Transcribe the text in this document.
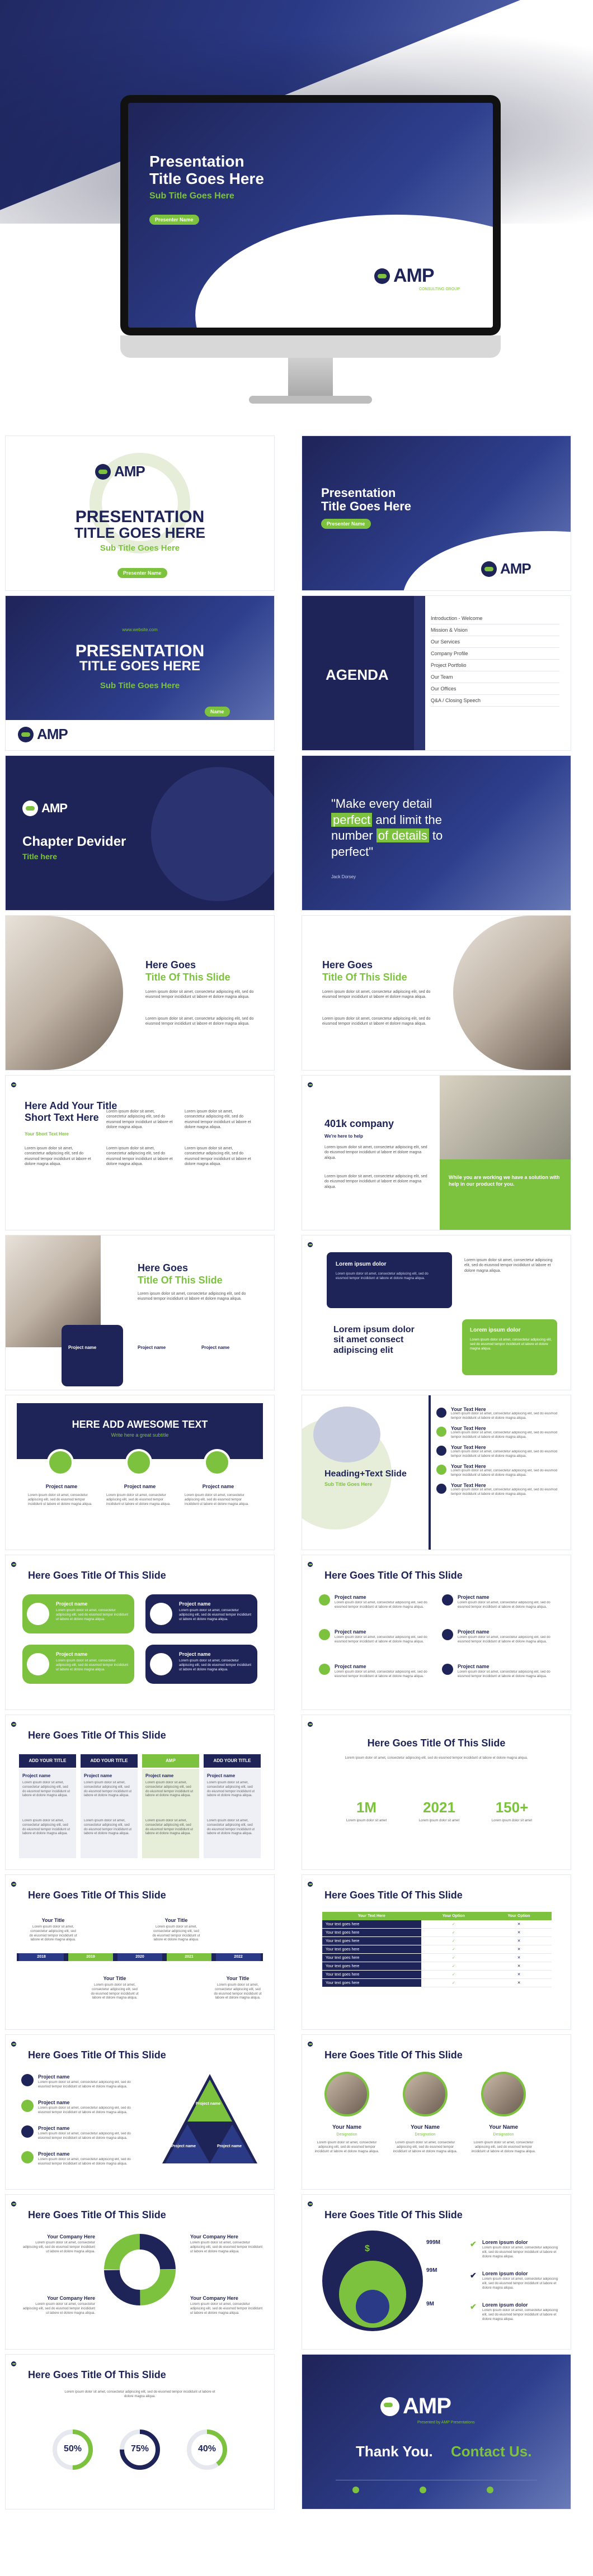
Presentation
Title Goes Here
Sub Title Goes Here
Presenter Name
AMP
CONSULTING GROUP
AMP
PRESENTATION
TITLE GOES HERE
Sub Title Goes Here
Presenter Name
Presentation
Title Goes Here
Presenter Name
AMP
www.website.com
PRESENTATION
TITLE GOES HERE
Sub Title Goes Here
Name
AMP
AGENDA
Introduction - Welcome
Mission & Vision
Our Services
Company Profile
Project Portfolio
Our Team
Our Offices
Q&A / Closing Speech
AMP
Chapter Devider
Title here
"Make every detail
perfect and limit the
number of details to
perfect"
Jack Dorsey
Here Goes
Title Of This Slide
Lorem ipsum dolor sit amet, consectetur adipiscing elit, sed do eiusmod tempor incididunt ut labore et dolore magna aliqua.
Lorem ipsum dolor sit amet, consectetur adipiscing elit, sed do eiusmod tempor incididunt ut labore et dolore magna aliqua.
Here Goes
Title Of This Slide
Lorem ipsum dolor sit amet, consectetur adipiscing elit, sed do eiusmod tempor incididunt ut labore et dolore magna aliqua.
Lorem ipsum dolor sit amet, consectetur adipiscing elit, sed do eiusmod tempor incididunt ut labore et dolore magna aliqua.
Here Add Your Title
Short Text Here
Your Short Text Here
Lorem ipsum dolor sit amet, consectetur adipiscing elit, sed do eiusmod tempor incididunt ut labore et dolore magna aliqua.
Lorem ipsum dolor sit amet, consectetur adipiscing elit, sed do eiusmod tempor incididunt ut labore et dolore magna aliqua.
Lorem ipsum dolor sit amet, consectetur adipiscing elit, sed do eiusmod tempor incididunt ut labore et dolore magna aliqua.
Lorem ipsum dolor sit amet, consectetur adipiscing elit, sed do eiusmod tempor incididunt ut labore et dolore magna aliqua.
Lorem ipsum dolor sit amet, consectetur adipiscing elit, sed do eiusmod tempor incididunt ut labore et dolore magna aliqua.
While you are working we have a solution with help in our product for you.
401k company
We're here to help
Lorem ipsum dolor sit amet, consectetur adipiscing elit, sed do eiusmod tempor incididunt ut labore et dolore magna aliqua.
Lorem ipsum dolor sit amet, consectetur adipiscing elit, sed do eiusmod tempor incididunt ut labore et dolore magna aliqua.
Here Goes
Title Of This Slide
Lorem ipsum dolor sit amet, consectetur adipiscing elit, sed do eiusmod tempor incididunt ut labore et dolore magna aliqua.
Project name	Project name	Project name
Lorem ipsum dolor
Lorem ipsum dolor sit amet, consectetur adipiscing elit, sed do eiusmod tempor incididunt ut labore et dolore magna aliqua.
Lorem ipsum dolor sit amet, consectetur adipiscing elit, sed do eiusmod tempor incididunt ut labore et dolore magna aliqua.
Lorem ipsum dolor
sit amet consect
adipiscing elit
Lorem ipsum dolor
Lorem ipsum dolor sit amet, consectetur adipiscing elit, sed do eiusmod tempor incididunt ut labore et dolore magna aliqua.
HERE ADD AWESOME TEXT
Write here a great subtitle
Project name	Project name	Project name
Lorem ipsum dolor sit amet, consectetur adipiscing elit, sed do eiusmod tempor incididunt ut labore et dolore magna aliqua.
Lorem ipsum dolor sit amet, consectetur adipiscing elit, sed do eiusmod tempor incididunt ut labore et dolore magna aliqua.
Lorem ipsum dolor sit amet, consectetur adipiscing elit, sed do eiusmod tempor incididunt ut labore et dolore magna aliqua.
Heading+Text Slide
Sub Title Goes Here
Your Text Here
Lorem ipsum dolor sit amet, consectetur adipiscing elit, sed do eiusmod tempor incididunt ut labore et dolore magna aliqua.
Your Text Here
Lorem ipsum dolor sit amet, consectetur adipiscing elit, sed do eiusmod tempor incididunt ut labore et dolore magna aliqua.
Your Text Here
Lorem ipsum dolor sit amet, consectetur adipiscing elit, sed do eiusmod tempor incididunt ut labore et dolore magna aliqua.
Your Text Here
Lorem ipsum dolor sit amet, consectetur adipiscing elit, sed do eiusmod tempor incididunt ut labore et dolore magna aliqua.
Your Text Here
Lorem ipsum dolor sit amet, consectetur adipiscing elit, sed do eiusmod tempor incididunt ut labore et dolore magna aliqua.
Here Goes Title Of This Slide
Project name
Lorem ipsum dolor sit amet, consectetur adipiscing elit, sed do eiusmod tempor incididunt ut labore et dolore magna aliqua.
Project name
Lorem ipsum dolor sit amet, consectetur adipiscing elit, sed do eiusmod tempor incididunt ut labore et dolore magna aliqua.
Project name
Lorem ipsum dolor sit amet, consectetur adipiscing elit, sed do eiusmod tempor incididunt ut labore et dolore magna aliqua.
Project name
Lorem ipsum dolor sit amet, consectetur adipiscing elit, sed do eiusmod tempor incididunt ut labore et dolore magna aliqua.
Here Goes Title Of This Slide
Project name
Lorem ipsum dolor sit amet, consectetur adipiscing elit, sed do eiusmod tempor incididunt ut labore et dolore magna aliqua.
Project name
Lorem ipsum dolor sit amet, consectetur adipiscing elit, sed do eiusmod tempor incididunt ut labore et dolore magna aliqua.
Project name
Lorem ipsum dolor sit amet, consectetur adipiscing elit, sed do eiusmod tempor incididunt ut labore et dolore magna aliqua.
Project name
Lorem ipsum dolor sit amet, consectetur adipiscing elit, sed do eiusmod tempor incididunt ut labore et dolore magna aliqua.
Project name
Lorem ipsum dolor sit amet, consectetur adipiscing elit, sed do eiusmod tempor incididunt ut labore et dolore magna aliqua.
Project name
Lorem ipsum dolor sit amet, consectetur adipiscing elit, sed do eiusmod tempor incididunt ut labore et dolore magna aliqua.
Here Goes Title Of This Slide
ADD YOUR TITLE
Project name
Lorem ipsum dolor sit amet, consectetur adipiscing elit, sed do eiusmod tempor incididunt ut labore et dolore magna aliqua.
Lorem ipsum dolor sit amet, consectetur adipiscing elit, sed do eiusmod tempor incididunt ut labore et dolore magna aliqua.
ADD YOUR TITLE
Project name
Lorem ipsum dolor sit amet, consectetur adipiscing elit, sed do eiusmod tempor incididunt ut labore et dolore magna aliqua.
Lorem ipsum dolor sit amet, consectetur adipiscing elit, sed do eiusmod tempor incididunt ut labore et dolore magna aliqua.
AMP
Project name
Lorem ipsum dolor sit amet, consectetur adipiscing elit, sed do eiusmod tempor incididunt ut labore et dolore magna aliqua.
Lorem ipsum dolor sit amet, consectetur adipiscing elit, sed do eiusmod tempor incididunt ut labore et dolore magna aliqua.
ADD YOUR TITLE
Project name
Lorem ipsum dolor sit amet, consectetur adipiscing elit, sed do eiusmod tempor incididunt ut labore et dolore magna aliqua.
Lorem ipsum dolor sit amet, consectetur adipiscing elit, sed do eiusmod tempor incididunt ut labore et dolore magna aliqua.
Here Goes Title Of This Slide
Lorem ipsum dolor sit amet, consectetur adipiscing elit, sed do eiusmod tempor incididunt ut labore et dolore magna aliqua.
1M
Lorem ipsum dolor sit amet
2021
Lorem ipsum dolor sit amet
150+
Lorem ipsum dolor sit amet
Here Goes Title Of This Slide
2018	2019	2020	2021	2022
Your Title
Lorem ipsum dolor sit amet, consectetur adipiscing elit, sed do eiusmod tempor incididunt ut labore et dolore magna aliqua.
Your Title
Lorem ipsum dolor sit amet, consectetur adipiscing elit, sed do eiusmod tempor incididunt ut labore et dolore magna aliqua.
Your Title
Lorem ipsum dolor sit amet, consectetur adipiscing elit, sed do eiusmod tempor incididunt ut labore et dolore magna aliqua.
Your Title
Lorem ipsum dolor sit amet, consectetur adipiscing elit, sed do eiusmod tempor incididunt ut labore et dolore magna aliqua.
Here Goes Title Of This Slide
Your Text Here	Your Option	Your Option
Your text goes here	✓	✕
Your text goes here	✓	✕
Your text goes here	✓	✕
Your text goes here	✓	✕
Your text goes here	✓	✕
Your text goes here	✓	✕
Your text goes here	✓	✕
Your text goes here	✓	✕
Here Goes Title Of This Slide
Project name
Lorem ipsum dolor sit amet, consectetur adipiscing elit, sed do eiusmod tempor incididunt ut labore et dolore magna aliqua.
Project name
Lorem ipsum dolor sit amet, consectetur adipiscing elit, sed do eiusmod tempor incididunt ut labore et dolore magna aliqua.
Project name
Lorem ipsum dolor sit amet, consectetur adipiscing elit, sed do eiusmod tempor incididunt ut labore et dolore magna aliqua.
Project name
Lorem ipsum dolor sit amet, consectetur adipiscing elit, sed do eiusmod tempor incididunt ut labore et dolore magna aliqua.
Project name
Project name	Project name
Here Goes Title Of This Slide
Your Name
Designation
Lorem ipsum dolor sit amet, consectetur adipiscing elit, sed do eiusmod tempor incididunt ut labore et dolore magna aliqua.
Your Name
Designation
Lorem ipsum dolor sit amet, consectetur adipiscing elit, sed do eiusmod tempor incididunt ut labore et dolore magna aliqua.
Your Name
Designation
Lorem ipsum dolor sit amet, consectetur adipiscing elit, sed do eiusmod tempor incididunt ut labore et dolore magna aliqua.
Here Goes Title Of This Slide
Your Company Here
Lorem ipsum dolor sit amet, consectetur adipiscing elit, sed do eiusmod tempor incididunt ut labore et dolore magna aliqua.
Your Company Here
Lorem ipsum dolor sit amet, consectetur adipiscing elit, sed do eiusmod tempor incididunt ut labore et dolore magna aliqua.
Your Company Here
Lorem ipsum dolor sit amet, consectetur adipiscing elit, sed do eiusmod tempor incididunt ut labore et dolore magna aliqua.
Your Company Here
Lorem ipsum dolor sit amet, consectetur adipiscing elit, sed do eiusmod tempor incididunt ut labore et dolore magna aliqua.
Here Goes Title Of This Slide
$
999M
99M
9M
✔ Lorem ipsum dolor
Lorem ipsum dolor sit amet, consectetur adipiscing elit, sed do eiusmod tempor incididunt ut labore et dolore magna aliqua.
✔ Lorem ipsum dolor
Lorem ipsum dolor sit amet, consectetur adipiscing elit, sed do eiusmod tempor incididunt ut labore et dolore magna aliqua.
✔ Lorem ipsum dolor
Lorem ipsum dolor sit amet, consectetur adipiscing elit, sed do eiusmod tempor incididunt ut labore et dolore magna aliqua.
Here Goes Title Of This Slide
Lorem ipsum dolor sit amet, consectetur adipiscing elit, sed do eiusmod tempor incididunt ut labore et dolore magna aliqua.
50%	75%	40%
AMP
Presented by AMP Presentations
Thank You. Contact Us.
